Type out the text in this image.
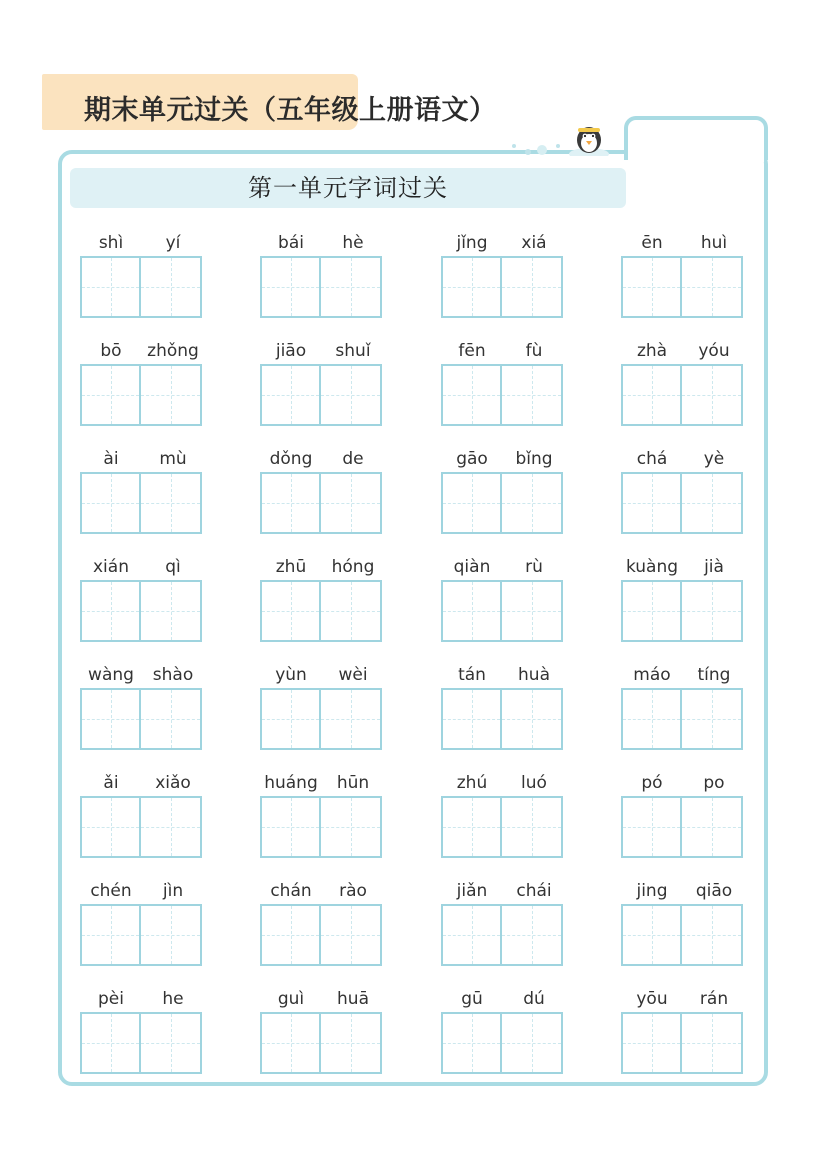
期末单元过关（五年级上册语文）
第一单元字词过关
shì	yí	bái	hè	jǐng	xiá	ēn	huì
bō	zhǒng	jiāo	shuǐ	fēn	fù	zhà	yóu
ài	mù	dǒng	de	gāo	bǐng	chá	yè
xián	qì	zhū	hóng	qiàn	rù	kuàng	jià
wàng	shào	yùn	wèi	tán	huà	máo	tíng
ǎi	xiǎo	huáng	hūn	zhú	luó	pó	po
chén	jìn	chán	rào	jiǎn	chái	jing	qiāo
pèi	he	guì	huā	gū	dú	yōu	rán
